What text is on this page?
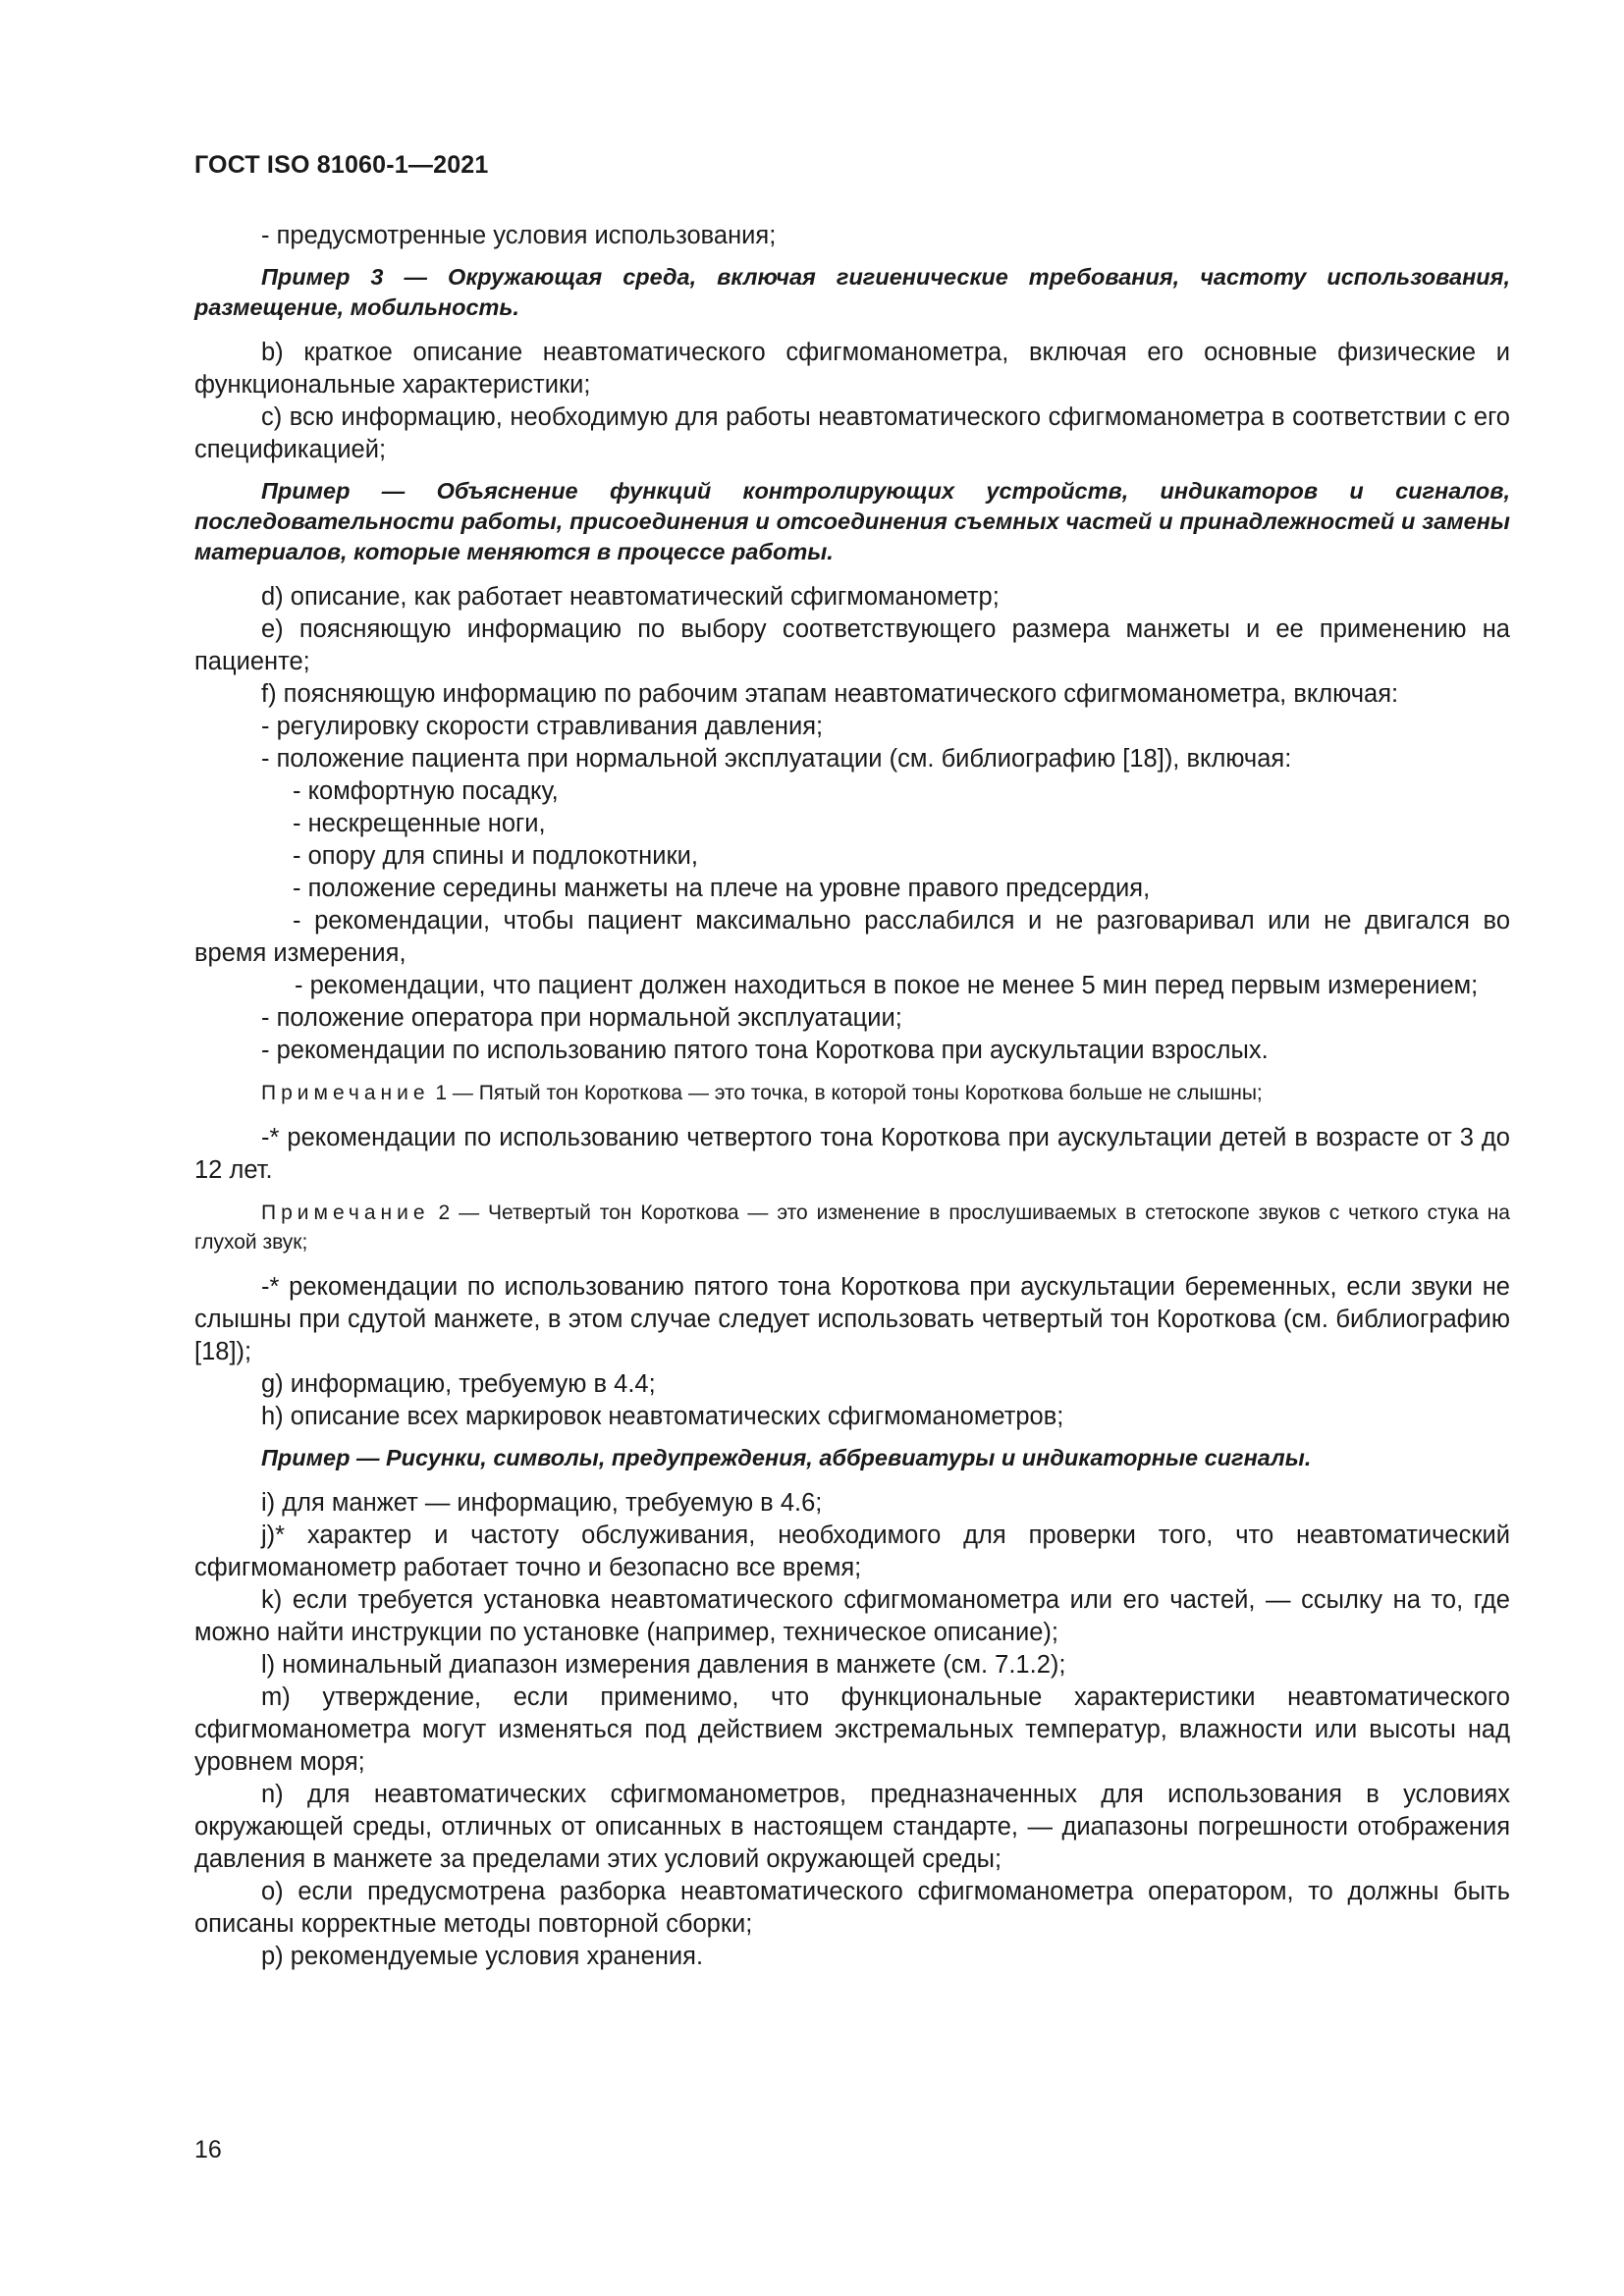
ГОСТ ISO 81060-1—2021

- предусмотренные условия использования;

Пример 3 — Окружающая среда, включая гигиенические требования, частоту использования, размещение, мобильность.

b) краткое описание неавтоматического сфигмоманометра, включая его основные физические и функциональные характеристики;

c) всю информацию, необходимую для работы неавтоматического сфигмоманометра в соответствии с его спецификацией;

Пример — Объяснение функций контролирующих устройств, индикаторов и сигналов, последовательности работы, присоединения и отсоединения съемных частей и принадлежностей и замены материалов, которые меняются в процессе работы.

d) описание, как работает неавтоматический сфигмоманометр;

e) поясняющую информацию по выбору соответствующего размера манжеты и ее применению на пациенте;

f) поясняющую информацию по рабочим этапам неавтоматического сфигмоманометра, включая:

- регулировку скорости стравливания давления;

- положение пациента при нормальной эксплуатации (см. библиографию [18]), включая:

- комфортную посадку,

- нескрещенные ноги,

- опору для спины и подлокотники,

- положение середины манжеты на плече на уровне правого предсердия,

- рекомендации, чтобы пациент максимально расслабился и не разговаривал или не двигался во время измерения,

- рекомендации, что пациент должен находиться в покое не менее 5 мин перед первым измерением;

- положение оператора при нормальной эксплуатации;

- рекомендации по использованию пятого тона Короткова при аускультации взрослых.

Примечание 1 — Пятый тон Короткова — это точка, в которой тоны Короткова больше не слышны;

-* рекомендации по использованию четвертого тона Короткова при аускультации детей в возрасте от 3 до 12 лет.

Примечание 2 — Четвертый тон Короткова — это изменение в прослушиваемых в стетоскопе звуков с четкого стука на глухой звук;

-* рекомендации по использованию пятого тона Короткова при аускультации беременных, если звуки не слышны при сдутой манжете, в этом случае следует использовать четвертый тон Короткова (см. библиографию [18]);

g) информацию, требуемую в 4.4;

h) описание всех маркировок неавтоматических сфигмоманометров;

Пример — Рисунки, символы, предупреждения, аббревиатуры и индикаторные сигналы.

i) для манжет — информацию, требуемую в 4.6;

j)* характер и частоту обслуживания, необходимого для проверки того, что неавтоматический сфигмоманометр работает точно и безопасно все время;

k) если требуется установка неавтоматического сфигмоманометра или его частей, — ссылку на то, где можно найти инструкции по установке (например, техническое описание);

l) номинальный диапазон измерения давления в манжете (см. 7.1.2);

m) утверждение, если применимо, что функциональные характеристики неавтоматического сфигмоманометра могут изменяться под действием экстремальных температур, влажности или высоты над уровнем моря;

n) для неавтоматических сфигмоманометров, предназначенных для использования в условиях окружающей среды, отличных от описанных в настоящем стандарте, — диапазоны погрешности отображения давления в манжете за пределами этих условий окружающей среды;

o) если предусмотрена разборка неавтоматического сфигмоманометра оператором, то должны быть описаны корректные методы повторной сборки;

p) рекомендуемые условия хранения.

16
